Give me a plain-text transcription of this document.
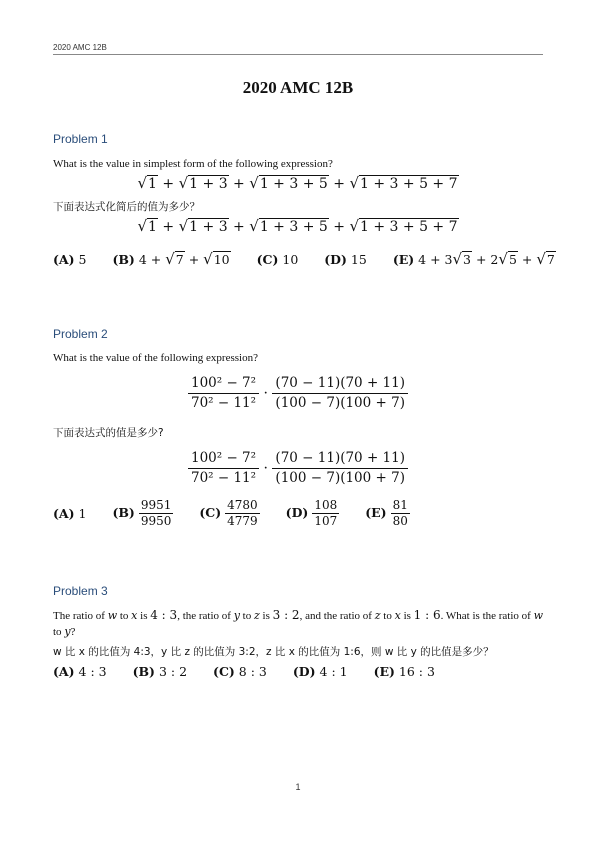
2020 AMC 12B
2020 AMC 12B
Problem 1
What is the value in simplest form of the following expression?
√1 + √1 + 3 + √1 + 3 + 5 + √1 + 3 + 5 + 7
下面表达式化简后的值为多少？
√1 + √1 + 3 + √1 + 3 + 5 + √1 + 3 + 5 + 7
(A) 5 (B) 4 + √7 + √10 (C) 10 (D) 15 (E) 4 + 3√3 + 2√5 + √7
Problem 2
What is the value of the following expression?
$\frac{\text{100² − 7²}}{\text{70² − 11²}} \cdot \frac{(70 - 11)(70 + 11)}{(100 - 7)(100 + 7)}$
下面表达式的值是多少?
$\frac{\text{100² − 7²}}{\text{70² − 11²}} \cdot \frac{(70 - 11)(70 + 11)}{(100 - 7)(100 + 7)}$
(A) 1 $(B) \frac{9951}{9950} (C) \frac{4780}{4779} (D) \frac{108}{107} (E) \frac{81}{80}$
Problem 3
The ratio of w to x is 4 : 3, the ratio of y to z is 3 : 2, and the ratio of z to x is 1 : 6. What is the ratio of w to y?
w 比 x 的比值为 4:3，y 比 z 的比值为 3:2，z 比 x 的比值为 1:6，则 w 比 y 的比值是多少？
(A) 4 : 3 (B) 3 : 2 (C) 8 : 3 (D) 4 : 1 (E) 16 : 3
1
